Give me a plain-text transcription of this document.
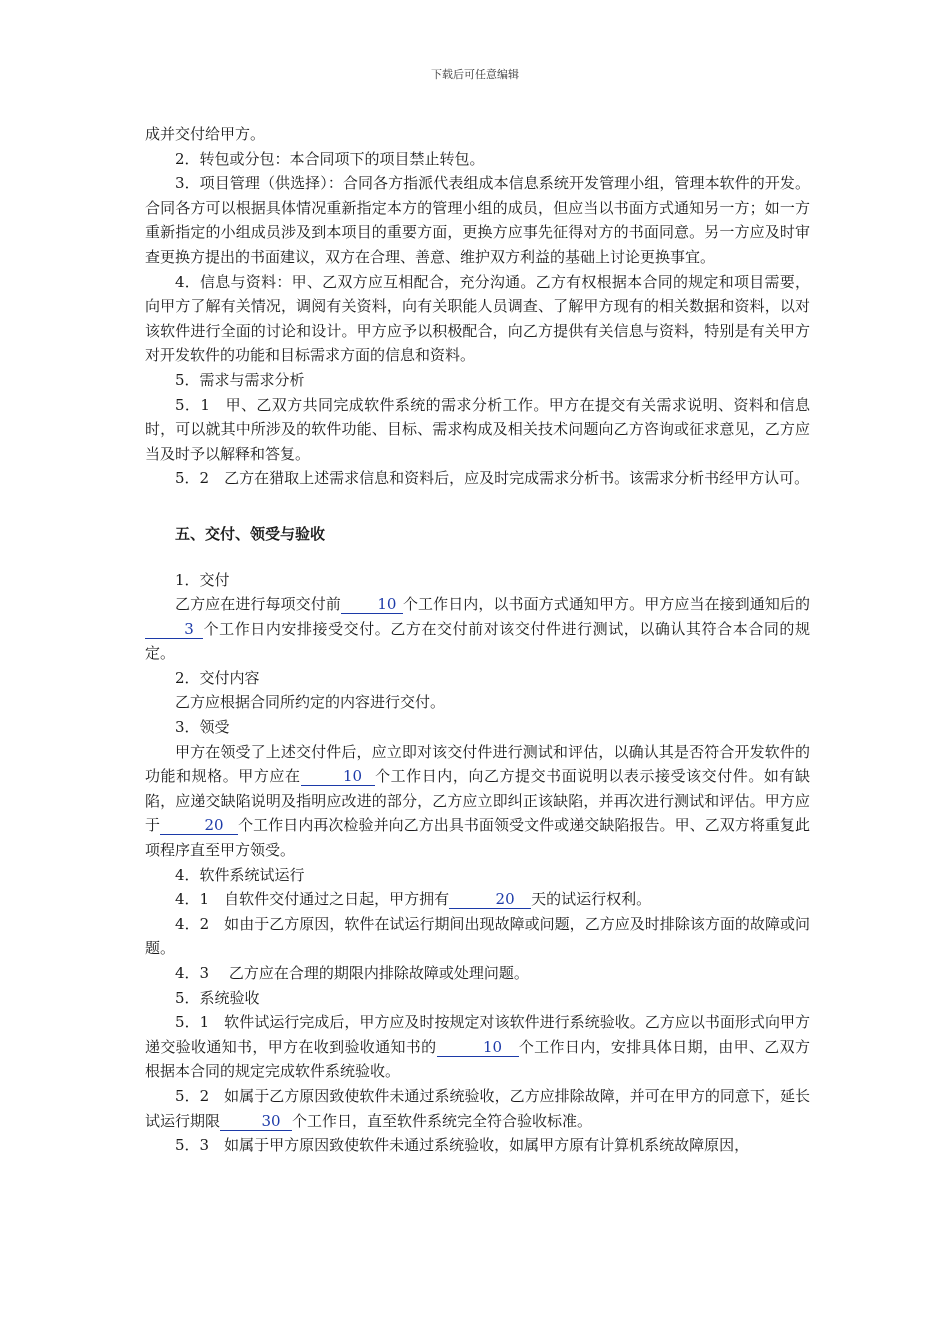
下载后可任意编辑

成并交付给甲方。

2．转包或分包：本合同项下的项目禁止转包。

3．项目管理（供选择）：合同各方指派代表组成本信息系统开发管理小组，管理本软件的开发。合同各方可以根据具体情况重新指定本方的管理小组的成员，但应当以书面方式通知另一方；如一方重新指定的小组成员涉及到本项目的重要方面，更换方应事先征得对方的书面同意。另一方应及时审查更换方提出的书面建议，双方在合理、善意、维护双方利益的基础上讨论更换事宜。

4．信息与资料：甲、乙双方应互相配合，充分沟通。乙方有权根据本合同的规定和项目需要，向甲方了解有关情况，调阅有关资料，向有关职能人员调查、了解甲方现有的相关数据和资料，以对该软件进行全面的讨论和设计。甲方应予以积极配合，向乙方提供有关信息与资料，特别是有关甲方对开发软件的功能和目标需求方面的信息和资料。

5．需求与需求分析

5．1　甲、乙双方共同完成软件系统的需求分析工作。甲方在提交有关需求说明、资料和信息时，可以就其中所涉及的软件功能、目标、需求构成及相关技术问题向乙方咨询或征求意见，乙方应当及时予以解释和答复。

5．2　乙方在猎取上述需求信息和资料后，应及时完成需求分析书。该需求分析书经甲方认可。

五、交付、领受与验收

1．交付

乙方应在进行每项交付前 10 个工作日内，以书面方式通知甲方。甲方应当在接到通知后的3 个工作日内安排接受交付。乙方在交付前对该交付件进行测试，以确认其符合本合同的规定。

2．交付内容

乙方应根据合同所约定的内容进行交付。

3．领受

甲方在领受了上述交付件后，应立即对该交付件进行测试和评估，以确认其是否符合开发软件的功能和规格。甲方应在	10 个工作日内，向乙方提交书面说明以表示接受该交付件。如有缺陷，应递交缺陷说明及指明应改进的部分，乙方应立即纠正该缺陷，并再次进行测试和评估。甲方应于	20 个工作日内再次检验并向乙方出具书面领受文件或递交缺陷报告。甲、乙双方将重复此项程序直至甲方领受。

4．软件系统试运行

4．1　自软件交付通过之日起，甲方拥有	20 天的试运行权利。

4．2　如由于乙方原因，软件在试运行期间出现故障或问题，乙方应及时排除该方面的故障或问题。

4．3　 乙方应在合理的期限内排除故障或处理问题。

5．系统验收

5．1　软件试运行完成后，甲方应及时按规定对该软件进行系统验收。乙方应以书面形式向甲方递交验收通知书，甲方在收到验收通知书的	10 个工作日内，安排具体日期，由甲、乙双方根据本合同的规定完成软件系统验收。

5．2　如属于乙方原因致使软件未通过系统验收，乙方应排除故障，并可在甲方的同意下，延长试运行期限	30 个工作日，直至软件系统完全符合验收标准。

5．3　如属于甲方原因致使软件未通过系统验收，如属甲方原有计算机系统故障原因，
